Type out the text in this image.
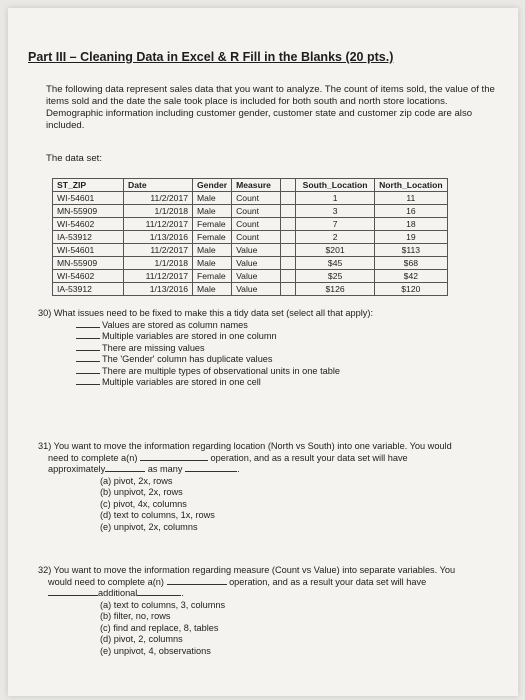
Part III – Cleaning Data in Excel & R Fill in the Blanks (20 pts.)
The following data represent sales data that you want to analyze. The count of items sold, the value of the items sold and the date the sale took place is included for both south and north store locations. Demographic information including customer gender, customer state and customer zip code are also included.
The data set:
ST_ZIP	Date	Gender	Measure		South_Location	North_Location
WI-54601	11/2/2017	Male	Count		1	11
MN-55909	1/1/2018	Male	Count		3	16
WI-54602	11/12/2017	Female	Count		7	18
IA-53912	1/13/2016	Female	Count		2	19
WI-54601	11/2/2017	Male	Value		$201	$113
MN-55909	1/1/2018	Male	Value		$45	$68
WI-54602	11/12/2017	Female	Value		$25	$42
IA-53912	1/13/2016	Male	Value		$126	$120
30) What issues need to be fixed to make this a tidy data set (select all that apply):
Values are stored as column names
Multiple variables are stored in one column
There are missing values
The 'Gender' column has duplicate values
There are multiple types of observational units in one table
Multiple variables are stored in one cell
31) You want to move the information regarding location (North vs South) into one variable. You would
need to complete a(n)	operation, and as a result your data set will have
approximately	as many	.
(a) pivot, 2x, rows
(b) unpivot, 2x, rows
(c) pivot, 4x, columns
(d) text to columns, 1x, rows
(e) unpivot, 2x, columns
32) You want to move the information regarding measure (Count vs Value) into separate variables. You
would need to complete a(n)	operation, and as a result your data set will have
additional	.
(a) text to columns, 3, columns
(b) filter, no, rows
(c) find and replace, 8, tables
(d) pivot, 2, columns
(e) unpivot, 4, observations
